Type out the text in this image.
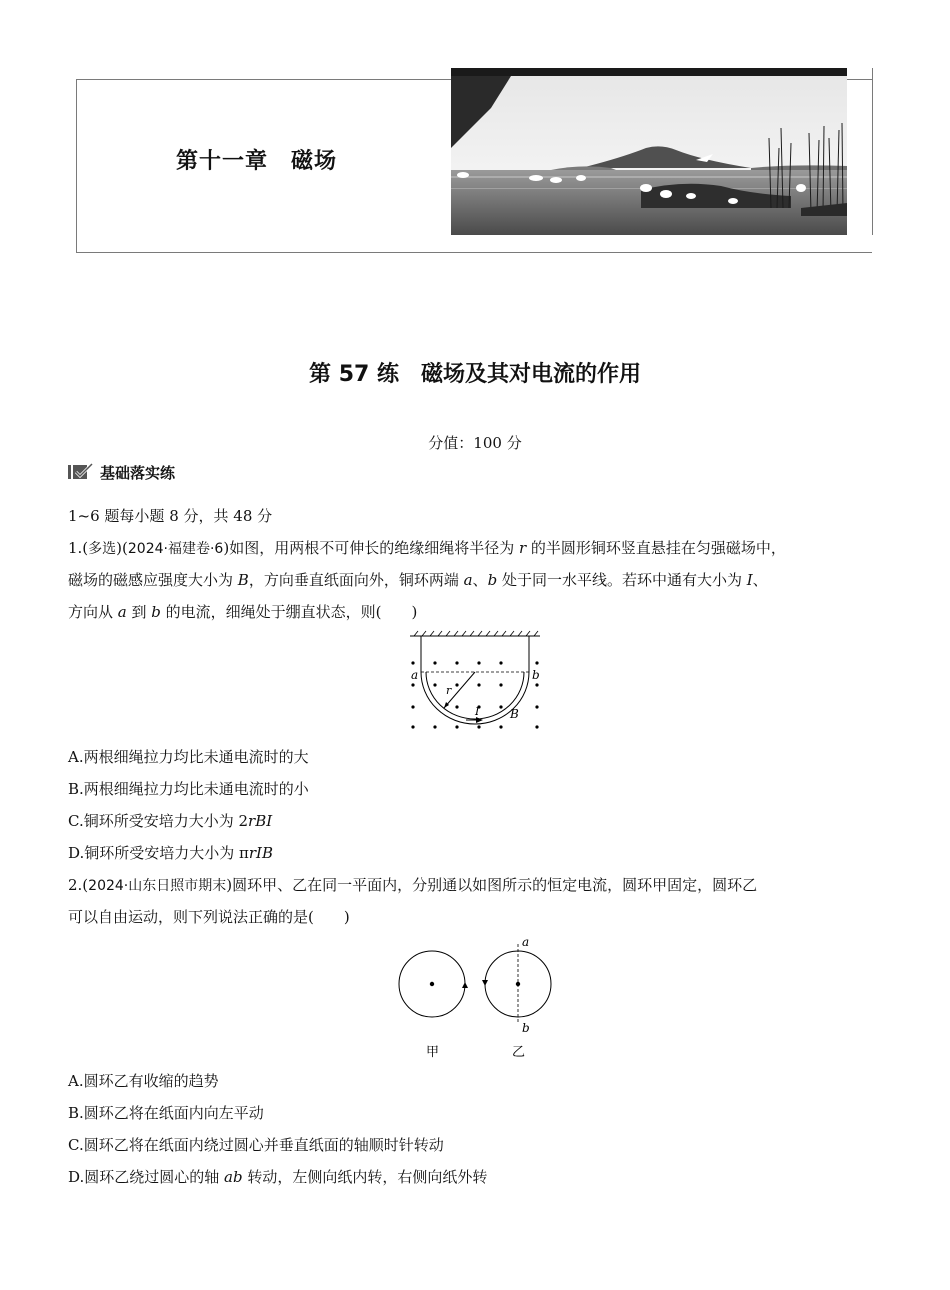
第十一章　磁场
第 57 练　磁场及其对电流的作用
分值：100 分
基础落实练
1~6 题每小题 8 分，共 48 分
1.(多选)(2024·福建卷·6)如图，用两根不可伸长的绝缘细绳将半径为 r 的半圆形铜环竖直悬挂在匀强磁场中，
磁场的磁感应强度大小为 B，方向垂直纸面向外，铜环两端 a、b 处于同一水平线。若环中通有大小为 I、
方向从 a 到 b 的电流，细绳处于绷直状态，则(　　)
a	b
r
I	B
A.两根细绳拉力均比未通电流时的大
B.两根细绳拉力均比未通电流时的小
C.铜环所受安培力大小为 2rBI
D.铜环所受安培力大小为 πrIB
2.(2024·山东日照市期末)圆环甲、乙在同一平面内，分别通以如图所示的恒定电流，圆环甲固定，圆环乙
可以自由运动，则下列说法正确的是(　　)
a
b
甲	乙
A.圆环乙有收缩的趋势
B.圆环乙将在纸面内向左平动
C.圆环乙将在纸面内绕过圆心并垂直纸面的轴顺时针转动
D.圆环乙绕过圆心的轴 ab 转动，左侧向纸内转，右侧向纸外转
